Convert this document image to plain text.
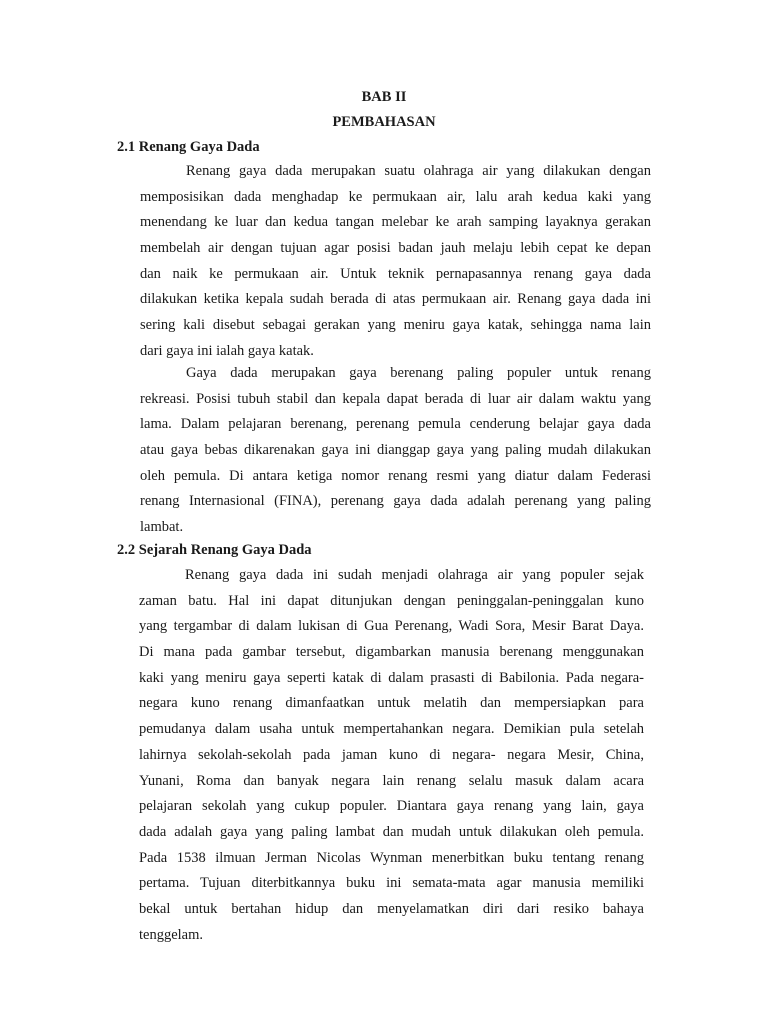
BAB II
PEMBAHASAN
2.1 Renang Gaya Dada
Renang gaya dada merupakan suatu olahraga air yang dilakukan dengan
memposisikan dada menghadap ke permukaan air, lalu arah kedua kaki yang
menendang ke luar dan kedua tangan melebar ke arah samping layaknya gerakan
membelah air dengan tujuan agar posisi badan jauh melaju lebih cepat ke depan
dan naik ke permukaan air. Untuk teknik pernapasannya renang gaya dada
dilakukan ketika kepala sudah berada di atas permukaan air. Renang gaya dada ini
sering kali disebut sebagai gerakan yang meniru gaya katak, sehingga nama lain
dari gaya ini ialah gaya katak.
Gaya dada merupakan gaya berenang paling populer untuk renang
rekreasi. Posisi tubuh stabil dan kepala dapat berada di luar air dalam waktu yang
lama. Dalam pelajaran berenang, perenang pemula cenderung belajar gaya dada
atau gaya bebas dikarenakan gaya ini dianggap gaya yang paling mudah dilakukan
oleh pemula. Di antara ketiga nomor renang resmi yang diatur dalam Federasi
renang Internasional (FINA), perenang gaya dada adalah perenang yang paling
lambat.
2.2 Sejarah Renang Gaya Dada
Renang gaya dada ini sudah menjadi olahraga air yang populer sejak
zaman batu. Hal ini dapat ditunjukan dengan peninggalan-peninggalan kuno
yang tergambar di dalam lukisan di Gua Perenang, Wadi Sora, Mesir Barat Daya.
Di mana pada gambar tersebut, digambarkan manusia berenang menggunakan
kaki yang meniru gaya seperti katak di dalam prasasti di Babilonia. Pada negara-
negara kuno renang dimanfaatkan untuk melatih dan mempersiapkan para
pemudanya dalam usaha untuk mempertahankan negara. Demikian pula setelah
lahirnya sekolah-sekolah pada jaman kuno di negara- negara Mesir, China,
Yunani, Roma dan banyak negara lain renang selalu masuk dalam acara
pelajaran sekolah yang cukup populer. Diantara gaya renang yang lain, gaya
dada adalah gaya yang paling lambat dan mudah untuk dilakukan oleh pemula.
Pada 1538 ilmuan Jerman Nicolas Wynman menerbitkan buku tentang renang
pertama. Tujuan diterbitkannya buku ini semata-mata agar manusia memiliki
bekal untuk bertahan hidup dan menyelamatkan diri dari resiko bahaya
tenggelam.
